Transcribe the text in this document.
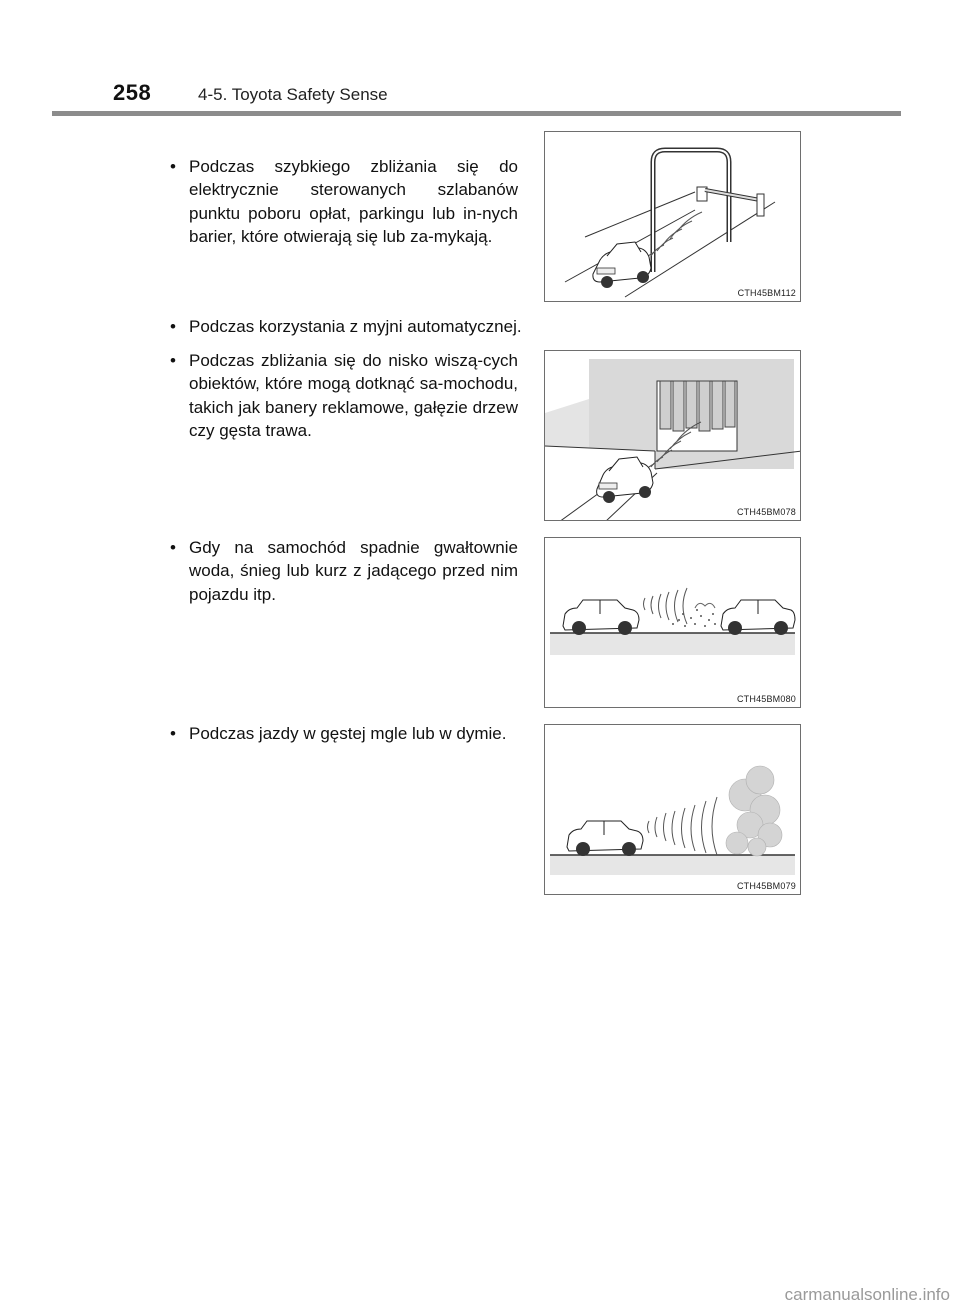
258	4-5. Toyota Safety Sense
• Podczas szybkiego zbliżania się do elektrycznie sterowanych szlabanów punktu poboru opłat, parkingu lub in-nych barier, które otwierają się lub za-mykają.
CTH45BM112
• Podczas korzystania z myjni automatycznej.
• Podczas zbliżania się do nisko wiszą-cych obiektów, które mogą dotknąć sa-mochodu, takich jak banery reklamowe, gałęzie drzew czy gęsta trawa.
CTH45BM078
• Gdy na samochód spadnie gwałtownie woda, śnieg lub kurz z jadącego przed nim pojazdu itp.
CTH45BM080
• Podczas jazdy w gęstej mgle lub w dymie.
CTH45BM079
carmanualsonline.info
